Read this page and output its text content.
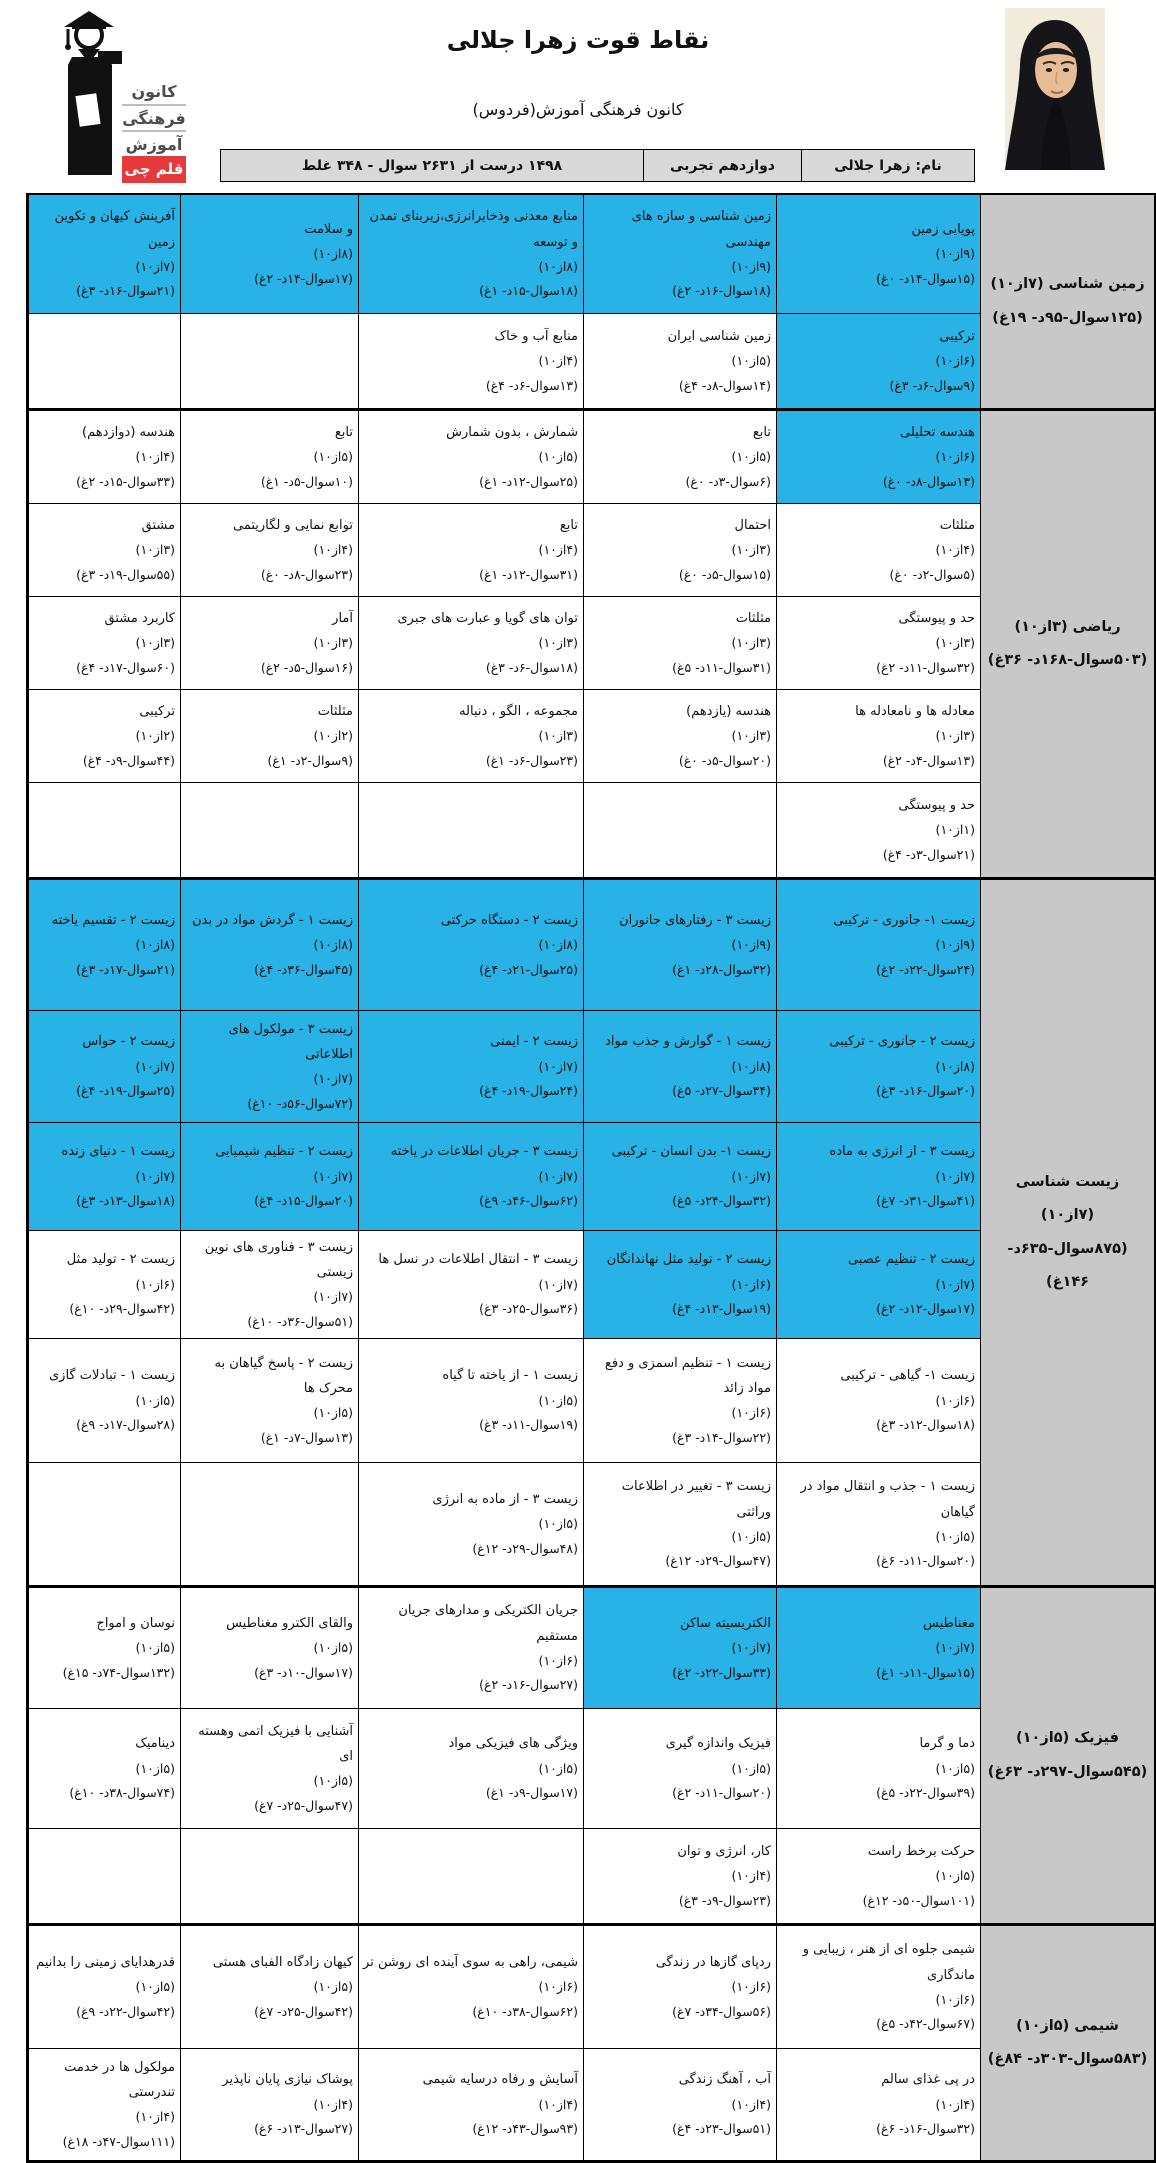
کانون
فرهنگی
آموزش
قلم چی
نقاط قوت زهرا جلالی
کانون فرهنگی آموزش(فردوس)
نام: زهرا جلالی
دوازدهم تجربی
۱۴۹۸ درست از ۲۶۳۱ سوال - ۳۴۸ غلط
زمین شناسی (۷از۱۰)
(۱۲۵سوال-۹۵د- ۱۹غ)
پویایی زمین
(۹از۱۰)
(۱۵سوال-۱۴د- ۰غ)
زمین شناسی و سازه های مهندسی
(۹از۱۰)
(۱۸سوال-۱۶د- ۲غ)
منابع معدنی وذخایرانرژی،زیربنای تمدن و توسعه
(۸از۱۰)
(۱۸سوال-۱۵د- ۱غ)
و سلامت
(۸از۱۰)
(۱۷سوال-۱۴د- ۲غ)
آفرینش کیهان و تکوین زمین
(۷از۱۰)
(۲۱سوال-۱۶د- ۳غ)
ترکیبی
(۶از۱۰)
(۹سوال-۶د- ۳غ)
زمین شناسی ایران
(۵از۱۰)
(۱۴سوال-۸د- ۴غ)
منابع آب و خاک
(۴از۱۰)
(۱۳سوال-۶د- ۴غ)
ریاضی (۳از۱۰)
(۵۰۳سوال-۱۶۸د- ۳۶غ)
هندسه تحلیلی
(۶از۱۰)
(۱۳سوال-۸د- ۰غ)
تابع
(۵از۱۰)
(۶سوال-۳د- ۰غ)
شمارش ، بدون شمارش
(۵از۱۰)
(۲۵سوال-۱۲د- ۱غ)
تابع
(۵از۱۰)
(۱۰سوال-۵د- ۱غ)
هندسه (دوازدهم)
(۴از۱۰)
(۳۳سوال-۱۵د- ۲غ)
مثلثات
(۴از۱۰)
(۵سوال-۲د- ۰غ)
احتمال
(۳از۱۰)
(۱۵سوال-۵د- ۰غ)
تابع
(۴از۱۰)
(۳۱سوال-۱۲د- ۱غ)
توابع نمایی و لگاریتمی
(۴از۱۰)
(۲۳سوال-۸د- ۰غ)
مشتق
(۳از۱۰)
(۵۵سوال-۱۹د- ۳غ)
حد و پیوستگی
(۳از۱۰)
(۳۲سوال-۱۱د- ۲غ)
مثلثات
(۳از۱۰)
(۳۱سوال-۱۱د- ۵غ)
توان های گویا و عبارت های جبری
(۳از۱۰)
(۱۸سوال-۶د- ۳غ)
آمار
(۳از۱۰)
(۱۶سوال-۵د- ۲غ)
کاربرد مشتق
(۳از۱۰)
(۶۰سوال-۱۷د- ۴غ)
معادله ها و نامعادله ها
(۳از۱۰)
(۱۳سوال-۴د- ۲غ)
هندسه (یازدهم)
(۳از۱۰)
(۲۰سوال-۵د- ۰غ)
مجموعه ، الگو ، دنباله
(۳از۱۰)
(۲۳سوال-۶د- ۱غ)
مثلثات
(۲از۱۰)
(۹سوال-۲د- ۱غ)
ترکیبی
(۲از۱۰)
(۴۴سوال-۹د- ۴غ)
حد و پیوستگی
(۱از۱۰)
(۲۱سوال-۳د- ۴غ)
زیست شناسی (۷از۱۰)
(۸۷۵سوال-۶۳۵د- ۱۴۶غ)
زیست ۱- جانوری - ترکیبی
(۹از۱۰)
(۲۴سوال-۲۲د- ۲غ)
زیست ۳ - رفتارهای جانوران
(۹از۱۰)
(۳۲سوال-۲۸د- ۱غ)
زیست ۲ - دستگاه حرکتی
(۸از۱۰)
(۲۵سوال-۲۱د- ۴غ)
زیست ۱ - گردش مواد در بدن
(۸از۱۰)
(۴۵سوال-۳۶د- ۴غ)
زیست ۲ - تقسیم یاخته
(۸از۱۰)
(۲۱سوال-۱۷د- ۳غ)
زیست ۲ - جانوری - ترکیبی
(۸از۱۰)
(۲۰سوال-۱۶د- ۳غ)
زیست ۱ - گوارش و جذب مواد
(۸از۱۰)
(۳۴سوال-۲۷د- ۵غ)
زیست ۲ - ایمنی
(۷از۱۰)
(۲۴سوال-۱۹د- ۴غ)
زیست ۳ - مولکول های اطلاعاتی
(۷از۱۰)
(۷۲سوال-۵۶د- ۱۰غ)
زیست ۲ - حواس
(۷از۱۰)
(۲۵سوال-۱۹د- ۴غ)
زیست ۳ - از انرژی به ماده
(۷از۱۰)
(۴۱سوال-۳۱د- ۷غ)
زیست ۱- بدن انسان - ترکیبی
(۷از۱۰)
(۳۲سوال-۲۴د- ۵غ)
زیست ۳ - جریان اطلاعات در یاخته
(۷از۱۰)
(۶۲سوال-۴۶د- ۹غ)
زیست ۲ - تنظیم شیمیایی
(۷از۱۰)
(۲۰سوال-۱۵د- ۴غ)
زیست ۱ - دنیای زنده
(۷از۱۰)
(۱۸سوال-۱۳د- ۳غ)
زیست ۲ - تنظیم عصبی
(۷از۱۰)
(۱۷سوال-۱۲د- ۲غ)
زیست ۲ - تولید مثل نهاندانگان
(۶از۱۰)
(۱۹سوال-۱۳د- ۴غ)
زیست ۳ - انتقال اطلاعات در نسل ها
(۷از۱۰)
(۳۶سوال-۲۵د- ۳غ)
زیست ۳ - فناوری های نوین زیستی
(۷از۱۰)
(۵۱سوال-۳۶د- ۱۰غ)
زیست ۲ - تولید مثل
(۶از۱۰)
(۴۲سوال-۲۹د- ۱۰غ)
زیست ۱- گیاهی - ترکیبی
(۶از۱۰)
(۱۸سوال-۱۲د- ۳غ)
زیست ۱ - تنظیم اسمزی و دفع مواد زائد
(۶از۱۰)
(۲۲سوال-۱۴د- ۳غ)
زیست ۱ - از یاخته تا گیاه
(۵از۱۰)
(۱۹سوال-۱۱د- ۳غ)
زیست ۲ - پاسخ گیاهان به محرک ها
(۵از۱۰)
(۱۳سوال-۷د- ۱غ)
زیست ۱ - تبادلات گازی
(۵از۱۰)
(۲۸سوال-۱۷د- ۹غ)
زیست ۱ - جذب و انتقال مواد در گیاهان
(۵از۱۰)
(۲۰سوال-۱۱د- ۶غ)
زیست ۳ - تغییر در اطلاعات وراثتی
(۵از۱۰)
(۴۷سوال-۲۹د- ۱۲غ)
زیست ۳ - از ماده به انرژی
(۵از۱۰)
(۴۸سوال-۲۹د- ۱۲غ)
فیزیک (۵از۱۰)
(۵۴۵سوال-۲۹۷د- ۶۳غ)
مغناطیس
(۷از۱۰)
(۱۵سوال-۱۱د- ۱غ)
الکتریسیته ساکن
(۷از۱۰)
(۳۳سوال-۲۲د- ۲غ)
جریان الکتریکی و مدارهای جریان مستقیم
(۶از۱۰)
(۲۷سوال-۱۶د- ۲غ)
والقای الکترو مغناطیس
(۵از۱۰)
(۱۷سوال-۱۰د- ۳غ)
نوسان و امواج
(۵از۱۰)
(۱۳۲سوال-۷۴د- ۱۵غ)
دما و گرما
(۵از۱۰)
(۳۹سوال-۲۲د- ۵غ)
فیزیک واندازه گیری
(۵از۱۰)
(۲۰سوال-۱۱د- ۲غ)
ویژگی های فیزیکی مواد
(۵از۱۰)
(۱۷سوال-۹د- ۱غ)
آشنایی با فیزیک اتمی وهسته ای
(۵از۱۰)
(۴۷سوال-۲۵د- ۷غ)
دینامیک
(۵از۱۰)
(۷۴سوال-۳۸د- ۱۰غ)
حرکت برخط راست
(۵از۱۰)
(۱۰۱سوال-۵۰د- ۱۲غ)
کار، انرژی و توان
(۴از۱۰)
(۲۳سوال-۹د- ۳غ)
شیمی (۵از۱۰)
(۵۸۳سوال-۳۰۳د- ۸۴غ)
شیمی جلوه ای از هنر ، زیبایی و ماندگاری
(۶از۱۰)
(۶۷سوال-۴۲د- ۵غ)
ردپای گازها در زندگی
(۶از۱۰)
(۵۶سوال-۳۴د- ۷غ)
شیمی، راهی به سوی آینده ای روشن تر
(۶از۱۰)
(۶۲سوال-۳۸د- ۱۰غ)
کیهان زادگاه الفبای هستی
(۵از۱۰)
(۴۲سوال-۲۵د- ۷غ)
قدرهدایای زمینی را بدانیم
(۵از۱۰)
(۴۲سوال-۲۲د- ۹غ)
در پی غذای سالم
(۴از۱۰)
(۳۲سوال-۱۶د- ۶غ)
آب ، آهنگ زندگی
(۴از۱۰)
(۵۱سوال-۲۳د- ۴غ)
آسایش و رفاه درسایه شیمی
(۴از۱۰)
(۹۳سوال-۴۳د- ۱۲غ)
پوشاک نیازی پایان ناپذیر
(۴از۱۰)
(۲۷سوال-۱۳د- ۶غ)
مولکول ها در خدمت تندرستی
(۴از۱۰)
(۱۱۱سوال-۴۷د- ۱۸غ)
